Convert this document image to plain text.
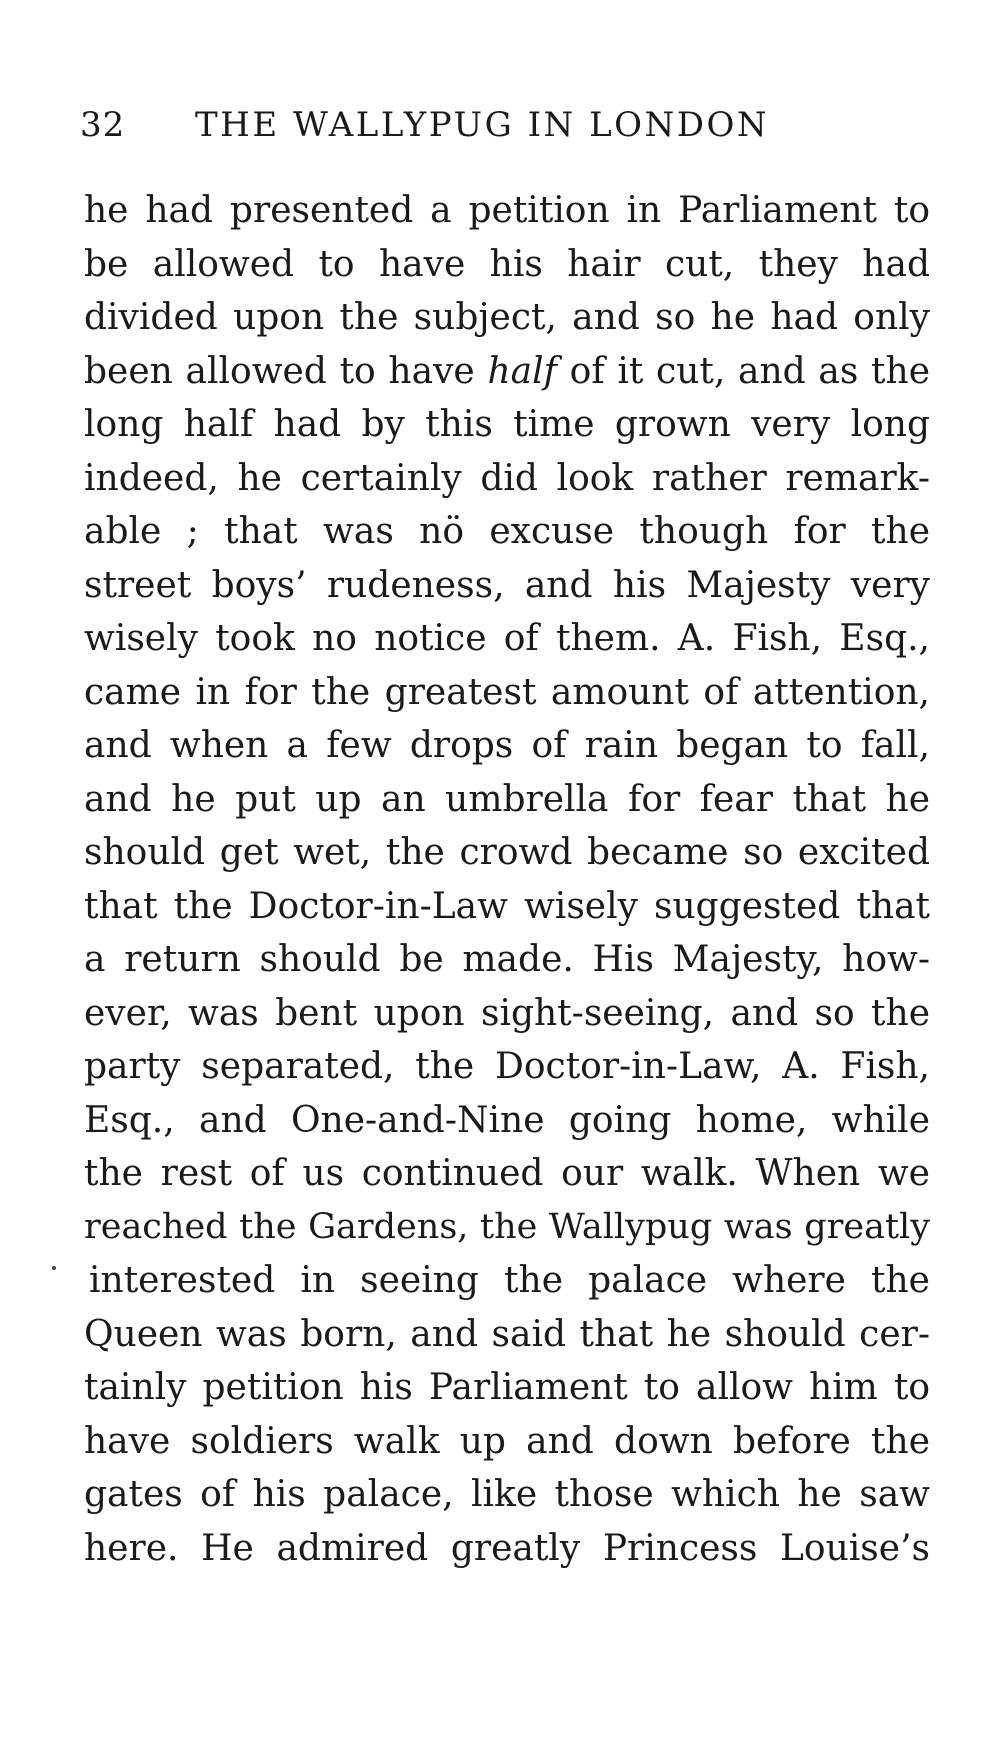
32 THE WALLYPUG IN LONDON
he had presented a petition in Parliament to
be allowed to have his hair cut, they had
divided upon the subject, and so he had only
been allowed to have half of it cut, and as the
long half had by this time grown very long
indeed, he certainly did look rather remark-
able ; that was nö excuse though for the
street boys’ rudeness, and his Majesty very
wisely took no notice of them. A. Fish, Esq.,
came in for the greatest amount of attention,
and when a few drops of rain began to fall,
and he put up an umbrella for fear that he
should get wet, the crowd became so excited
that the Doctor-in-Law wisely suggested that
a return should be made. His Majesty, how-
ever, was bent upon sight-seeing, and so the
party separated, the Doctor-in-Law, A. Fish,
Esq., and One-and-Nine going home, while
the rest of us continued our walk. When we
reached the Gardens, the Wallypug was greatly
interested in seeing the palace where the
Queen was born, and said that he should cer-
tainly petition his Parliament to allow him to
have soldiers walk up and down before the
gates of his palace, like those which he saw
here. He admired greatly Princess Louise’s
